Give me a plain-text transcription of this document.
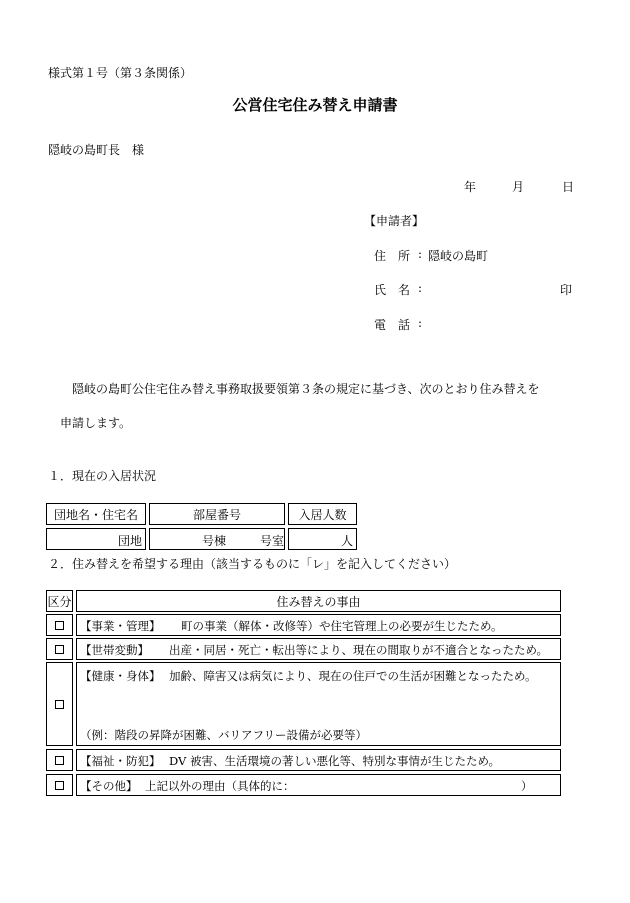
様式第１号（第３条関係）
公営住宅住み替え申請書
隠岐の島町長　様
年	月	日
【申請者】
住　所 : 隠岐の島町
氏　名 :	印
電　話 :
隠岐の島町公住宅住み替え事務取扱要領第３条の規定に基づき、次のとおり住み替えを
申請します。
１．現在の入居状況
団地名・住宅名	部屋番号	入居人数
団地	号棟	号室	人
２．住み替えを希望する理由（該当するものに「レ」を記入してください）
区分	住み替えの事由
【事業・管理】 町の事業（解体・改修等）や住宅管理上の必要が生じたため。
【世帯変動】 出産・同居・死亡・転出等により、現在の間取りが不適合となったため。
【健康・身体】 加齢、障害又は病気により、現在の住戸での生活が困難となったため。
（例：階段の昇降が困難、バリアフリー設備が必要等）
【福祉・防犯】 DV 被害、生活環境の著しい悪化等、特別な事情が生じたため。
【その他】 上記以外の理由（具体的に：	）
